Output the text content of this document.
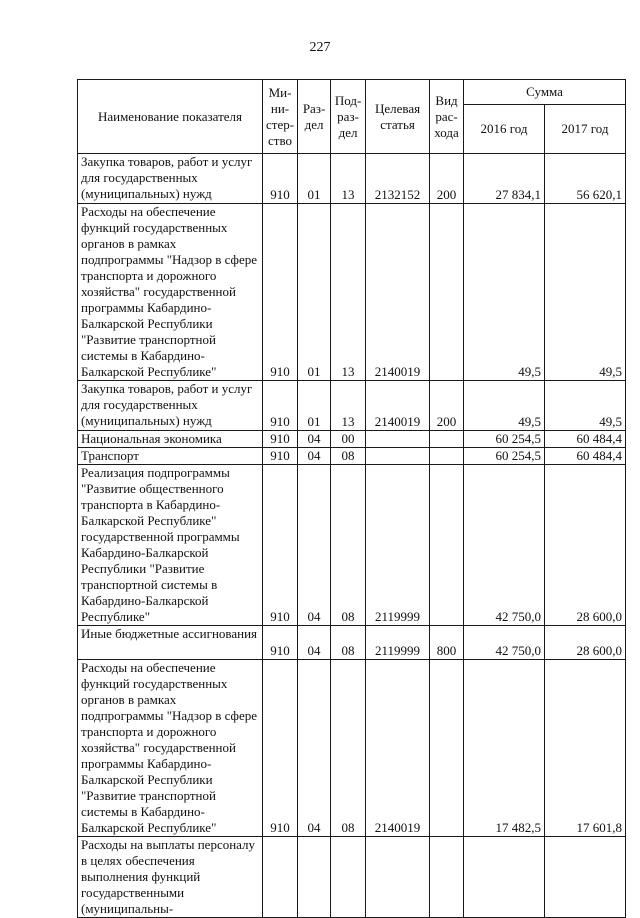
227
Наименование показателя	Ми-ни-стер-ство	Раз-дел	Под-раз-дел	Целевая статья	Вид рас-хода	Сумма	
						2016 год	2017 год
Закупка товаров, работ и услуг для государственных (муниципальных) нужд	910	01	13	2132152	200	27 834,1	56 620,1
Расходы на обеспечение функций государственных органов в рамках подпрограммы "Надзор в сфере транспорта и дорожного хозяйства" государственной программы Кабардино-Балкарской Республики "Развитие транспортной системы в Кабардино-Балкарской Республике"	910	01	13	2140019		49,5	49,5
Закупка товаров, работ и услуг для государственных (муниципальных) нужд	910	01	13	2140019	200	49,5	49,5
Национальная экономика	910	04	00			60 254,5	60 484,4
Транспорт	910	04	08			60 254,5	60 484,4
Реализация подпрограммы "Развитие общественного транспорта в Кабардино-Балкарской Республике" государственной программы Кабардино-Балкарской Республики "Развитие транспортной системы в Кабардино-Балкарской Республике"	910	04	08	2119999		42 750,0	28 600,0
Иные бюджетные ассигнования	910	04	08	2119999	800	42 750,0	28 600,0
Расходы на обеспечение функций государственных органов в рамках подпрограммы "Надзор в сфере транспорта и дорожного хозяйства" государственной программы Кабардино-Балкарской Республики "Развитие транспортной системы в Кабардино-Балкарской Республике"	910	04	08	2140019		17 482,5	17 601,8
Расходы на выплаты персоналу в целях обеспечения выполнения функций государственными (муниципальны-							
